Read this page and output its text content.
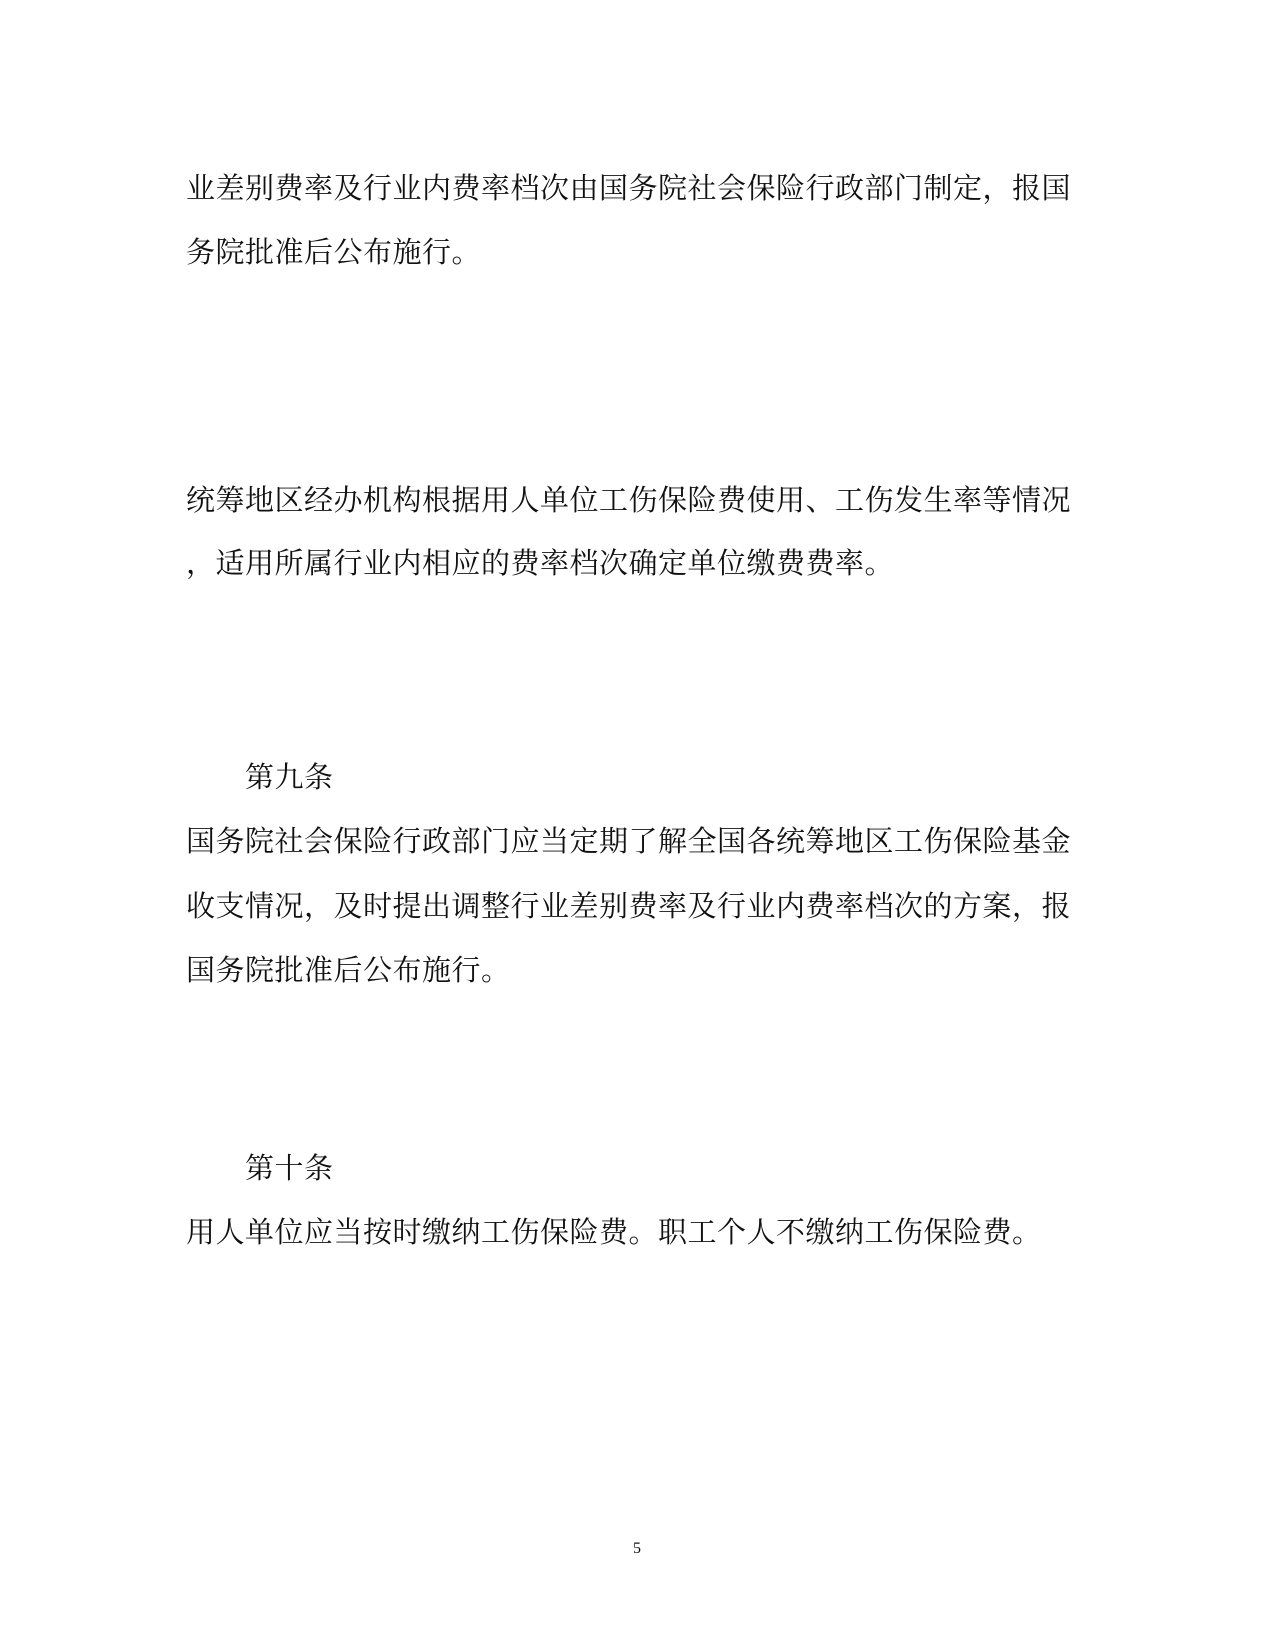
业差别费率及行业内费率档次由国务院社会保险行政部门制定，报国
务院批准后公布施行。
统筹地区经办机构根据用人单位工伤保险费使用、工伤发生率等情况
，适用所属行业内相应的费率档次确定单位缴费费率。
第九条
国务院社会保险行政部门应当定期了解全国各统筹地区工伤保险基金
收支情况，及时提出调整行业差别费率及行业内费率档次的方案，报
国务院批准后公布施行。
第十条
用人单位应当按时缴纳工伤保险费。职工个人不缴纳工伤保险费。
5
